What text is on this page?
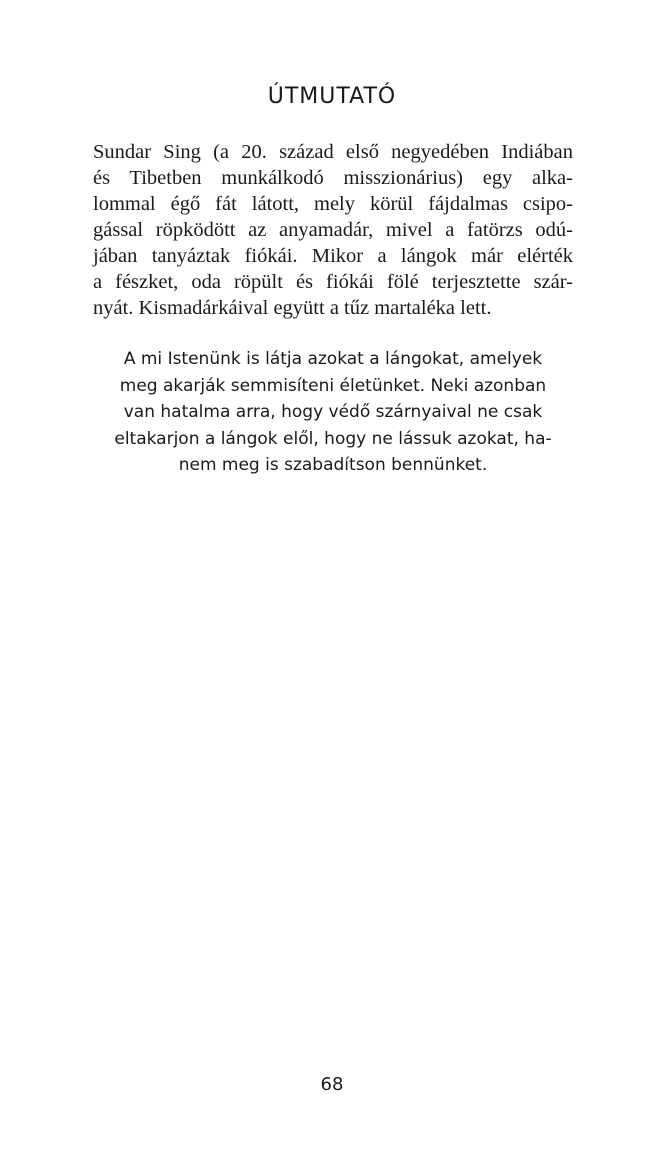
ÚTMUTATÓ
Sundar Sing (a 20. század első negyedében Indiában
és Tibetben munkálkodó misszionárius) egy alka-
lommal égő fát látott, mely körül fájdalmas csipo-
gással röpködött az anyamadár, mivel a fatörzs odú-
jában tanyáztak fiókái. Mikor a lángok már elérték
a fészket, oda röpült és fiókái fölé terjesztette szár-
nyát. Kismadárkáival együtt a tűz martaléka lett.
A mi Istenünk is látja azokat a lángokat, amelyek
meg akarják semmisíteni életünket. Neki azonban
van hatalma arra, hogy védő szárnyaival ne csak
eltakarjon a lángok elől, hogy ne lássuk azokat, ha-
nem meg is szabadítson bennünket.

68
